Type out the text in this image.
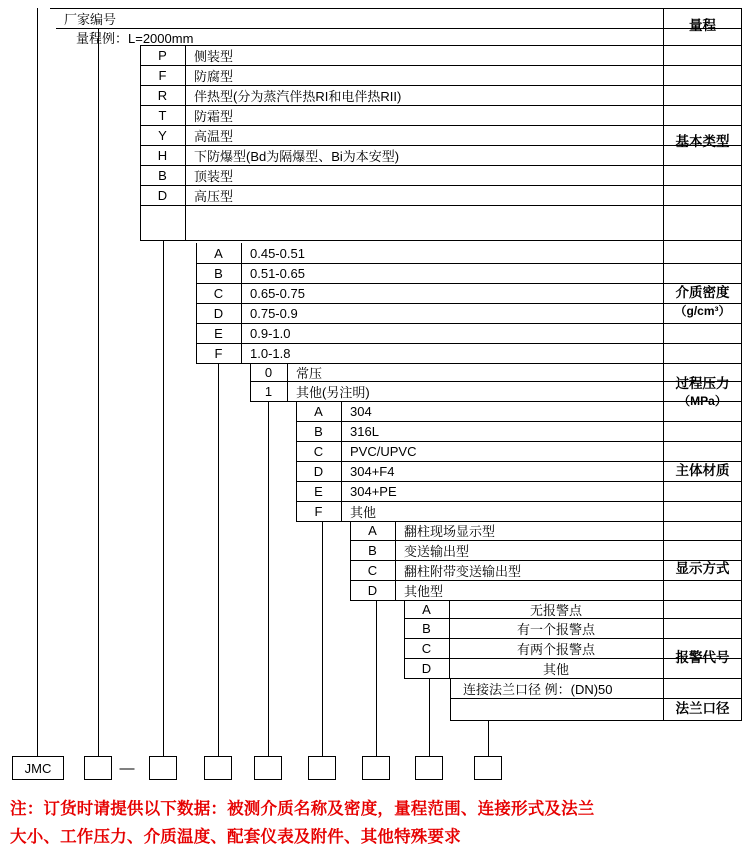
厂家编号
量程例：L=2000mm
量程
基本类型
介质密度
（g/cm³）
过程压力
（MPa）
主体材质
显示方式
报警代号
法兰口径
P	侧装型
F	防腐型
R	伴热型(分为蒸汽伴热RI和电伴热RII)
T	防霜型
Y	高温型
H	下防爆型(Bd为隔爆型、Bi为本安型)
B	顶装型
D	高压型
A	0.45-0.51
B	0.51-0.65
C	0.65-0.75
D	0.75-0.9
E	0.9-1.0
F	1.0-1.8
0	常压
1	其他(另注明)
A	304
B	316L
C	PVC/UPVC
D	304+F4
E	304+PE
F	其他
A	翻柱现场显示型
B	变送输出型
C	翻柱附带变送输出型
D	其他型
A	无报警点
B	有一个报警点
C	有两个报警点
D	其他
连接法兰口径 例：(DN)50
JMC	—
注：订货时请提供以下数据：被测介质名称及密度，量程范围、连接形式及法兰
大小、工作压力、介质温度、配套仪表及附件、其他特殊要求
